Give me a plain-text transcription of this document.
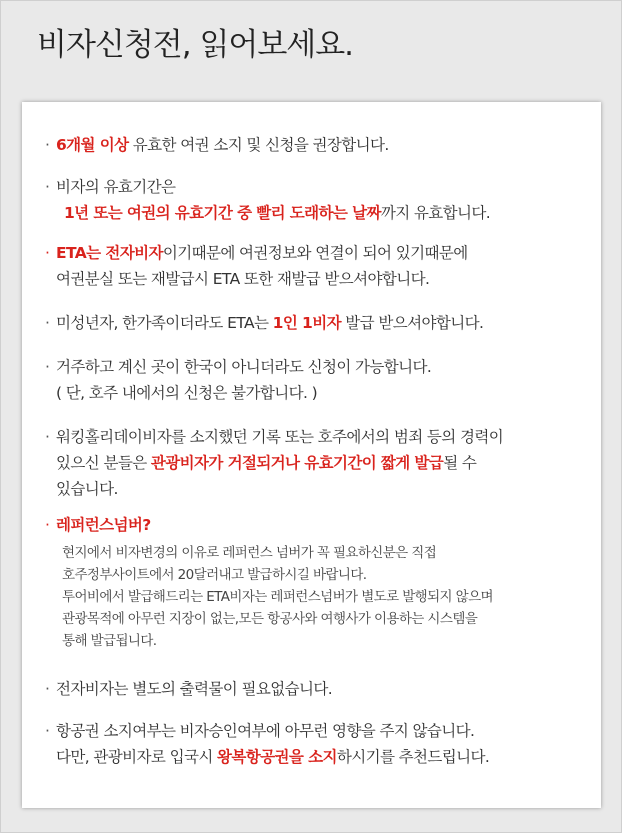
비자신청전, 읽어보세요.
· 6개월 이상 유효한 여권 소지 및 신청을 권장합니다.
· 비자의 유효기간은

1년 또는 여권의 유효기간 중 빨리 도래하는 날짜까지 유효합니다.
· ETA는 전자비자이기때문에 여권정보와 연결이 되어 있기때문에
여권분실 또는 재발급시 ETA 또한 재발급 받으셔야합니다.
· 미성년자, 한가족이더라도 ETA는 1인 1비자 발급 받으셔야합니다.
· 거주하고 계신 곳이 한국이 아니더라도 신청이 가능합니다.
( 단, 호주 내에서의 신청은 불가합니다. )
· 워킹홀리데이비자를 소지했던 기록 또는 호주에서의 범죄 등의 경력이
있으신 분들은 관광비자가 거절되거나 유효기간이 짧게 발급될 수
있습니다.
· 레퍼런스넘버?
현지에서 비자변경의 이유로 레퍼런스 넘버가 꼭 필요하신분은 직접
호주정부사이트에서 20달러내고 발급하시길 바랍니다.
투어비에서 발급해드리는 ETA비자는 레퍼런스넘버가 별도로 발행되지 않으며
관광목적에 아무런 지장이 없는,모든 항공사와 여행사가 이용하는 시스템을
통해 발급됩니다.
· 전자비자는 별도의 출력물이 필요없습니다.
· 항공권 소지여부는 비자승인여부에 아무런 영향을 주지 않습니다.
다만, 관광비자로 입국시 왕복항공권을 소지하시기를 추천드립니다.
